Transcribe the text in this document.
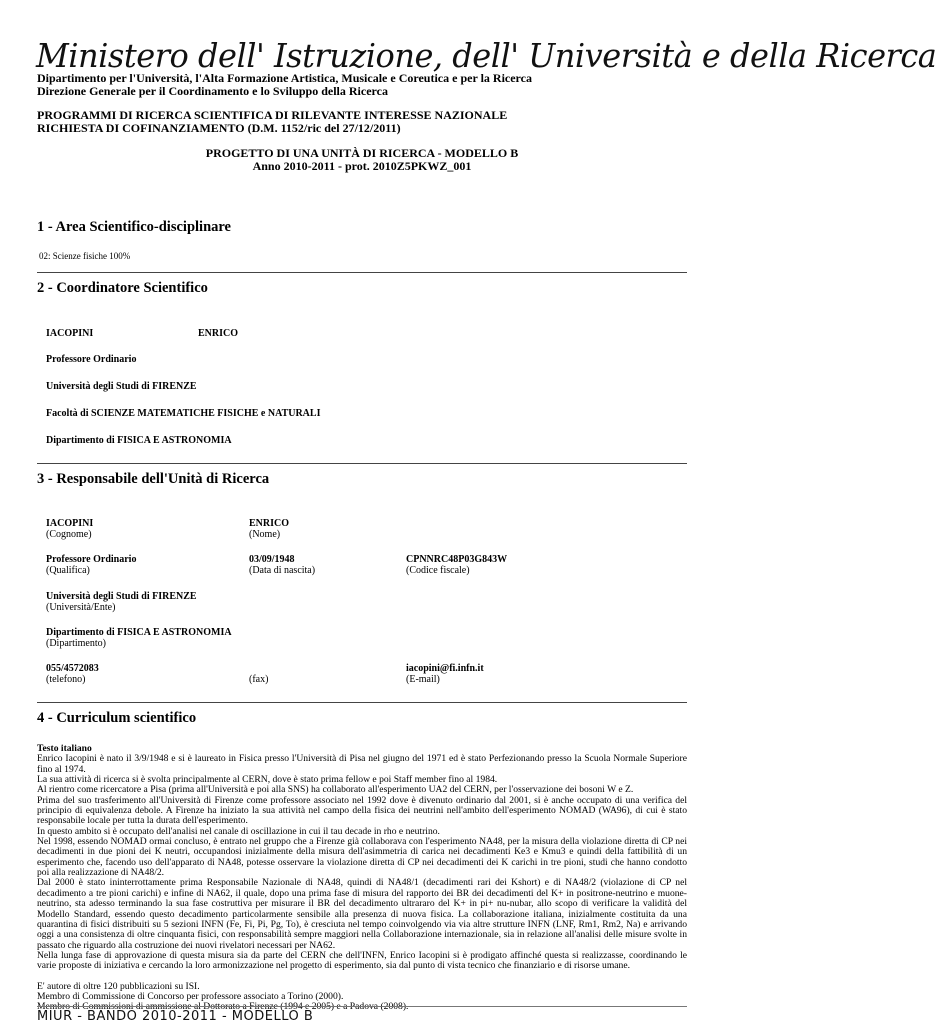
Ministero dell' Istruzione, dell' Università e della Ricerca
Dipartimento per l'Università, l'Alta Formazione Artistica, Musicale e Coreutica e per la Ricerca
Direzione Generale per il Coordinamento e lo Sviluppo della Ricerca
PROGRAMMI DI RICERCA SCIENTIFICA DI RILEVANTE INTERESSE NAZIONALE
RICHIESTA DI COFINANZIAMENTO (D.M. 1152/ric del 27/12/2011)
PROGETTO DI UNA UNITÀ DI RICERCA - MODELLO B
Anno 2010-2011 - prot. 2010Z5PKWZ_001
1 - Area Scientifico-disciplinare
02: Scienze fisiche 100%
2 - Coordinatore Scientifico
IACOPINI	ENRICO
Professore Ordinario
Università degli Studi di FIRENZE
Facoltà di SCIENZE MATEMATICHE FISICHE e NATURALI
Dipartimento di FISICA E ASTRONOMIA
3 - Responsabile dell'Unità di Ricerca
IACOPINI
(Cognome)
ENRICO
(Nome)
Professore Ordinario
(Qualifica)
03/09/1948
(Data di nascita)
CPNNRC48P03G843W
(Codice fiscale)
Università degli Studi di FIRENZE
(Università/Ente)
Dipartimento di FISICA E ASTRONOMIA
(Dipartimento)
055/4572083
(telefono)	(fax)
iacopini@fi.infn.it
(E-mail)
4 - Curriculum scientifico
Testo italiano

Enrico Iacopini è nato il 3/9/1948 e si è laureato in Fisica presso l'Università di Pisa nel giugno del 1971 ed è stato Perfezionando presso la Scuola Normale Superiore fino al 1974.

La sua attività di ricerca si è svolta principalmente al CERN, dove è stato prima fellow e poi Staff member fino al 1984.

Al rientro come ricercatore a Pisa (prima all'Università e poi alla SNS) ha collaborato all'esperimento UA2 del CERN, per l'osservazione dei bosoni W e Z.

Prima del suo trasferimento all'Università di Firenze come professore associato nel 1992 dove è divenuto ordinario dal 2001, si è anche occupato di una verifica del principio di equivalenza debole. A Firenze ha iniziato la sua attività nel campo della fisica dei neutrini nell'ambito dell'esperimento NOMAD (WA96), di cui è stato responsabile locale per tutta la durata dell'esperimento.

In questo ambito si è occupato dell'analisi nel canale di oscillazione in cui il tau decade in rho e neutrino.

Nel 1998, essendo NOMAD ormai concluso, è entrato nel gruppo che a Firenze già collaborava con l'esperimento NA48, per la misura della violazione diretta di CP nei decadimenti in due pioni dei K neutri, occupandosi inizialmente della misura dell'asimmetria di carica nei decadimenti Ke3 e Kmu3 e quindi della fattibilità di un esperimento che, facendo uso dell'apparato di NA48, potesse osservare la violazione diretta di CP nei decadimenti dei K carichi in tre pioni, studi che hanno condotto poi alla realizzazione di NA48/2.

Dal 2000 è stato ininterrottamente prima Responsabile Nazionale di NA48, quindi di NA48/1 (decadimenti rari dei Kshort) e di NA48/2 (violazione di CP nel decadimento a tre pioni carichi) e infine di NA62, il quale, dopo una prima fase di misura del rapporto dei BR dei decadimenti del K+ in positrone-neutrino e muone-neutrino, sta adesso terminando la sua fase costruttiva per misurare il BR del decadimento ultrararo del K+ in pi+ nu-nubar, allo scopo di verificare la validità del Modello Standard, essendo questo decadimento particolarmente sensibile alla presenza di nuova fisica. La collaborazione italiana, inizialmente costituita da una quarantina di fisici distribuiti su 5 sezioni INFN (Fe, Fi, Pi, Pg, To), è cresciuta nel tempo coinvolgendo via via altre strutture INFN (LNF, Rm1, Rm2, Na) e arrivando oggi a una consistenza di oltre cinquanta fisici, con responsabilità sempre maggiori nella Collaborazione internazionale, sia in relazione all'analisi delle misure svolte in passato che riguardo alla costruzione dei nuovi rivelatori necessari per NA62.

Nella lunga fase di approvazione di questa misura sia da parte del CERN che dell'INFN, Enrico Iacopini si è prodigato affinché questa si realizzasse, coordinando le varie proposte di iniziativa e cercando la loro armonizzazione nel progetto di esperimento, sia dal punto di vista tecnico che finanziario e di risorse umane.

E' autore di oltre 120 pubblicazioni su ISI.

Membro di Commissione di Concorso per professore associato a Torino (2000).

Membro di Commissioni di ammissione al Dottorato a Firenze (1994 e 2005) e a Padova (2008).

MIUR - BANDO 2010-2011 - MODELLO B
